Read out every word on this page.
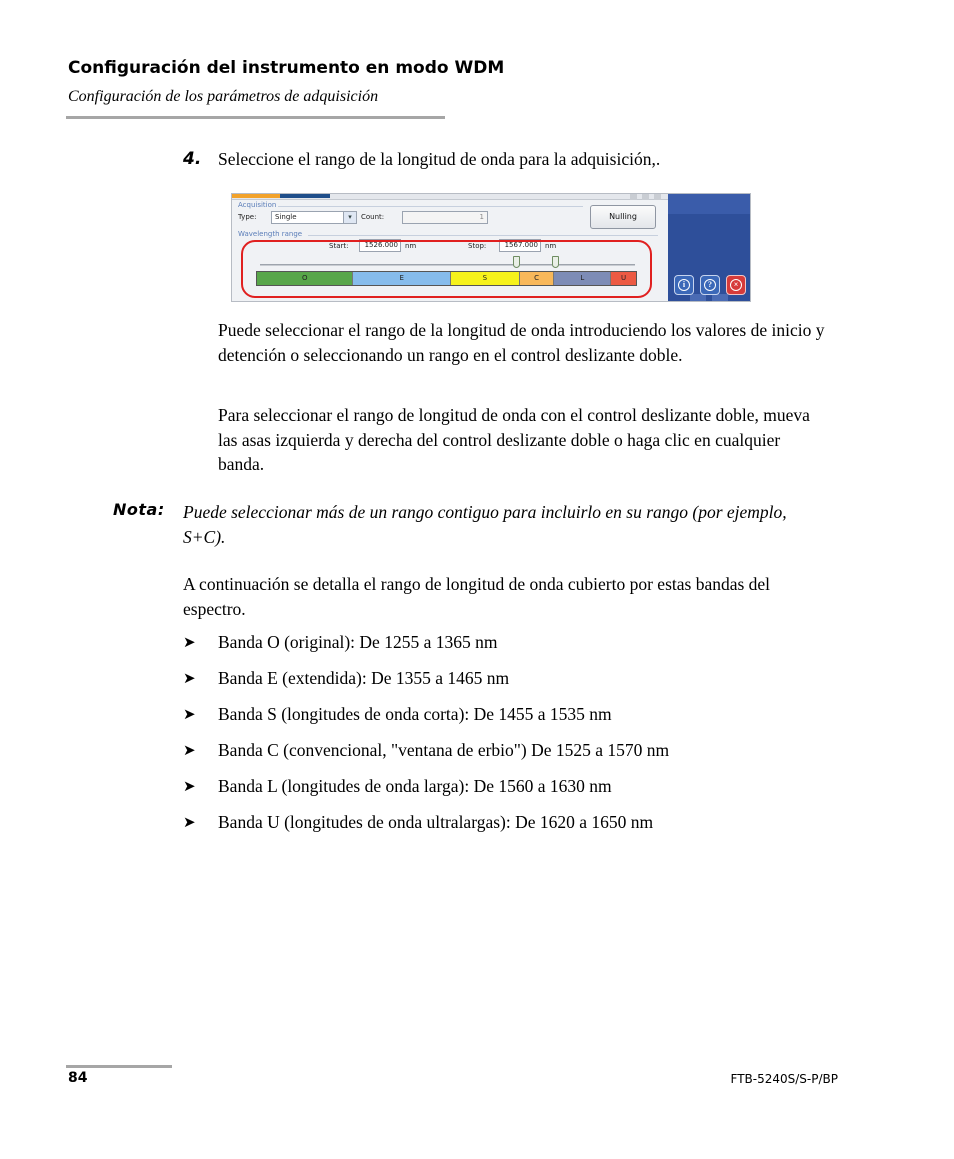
Configuración del instrumento en modo WDM
Configuración de los parámetros de adquisición
4. Seleccione el rango de la longitud de onda para la adquisición,.
Acquisition
Type:	Single	▾	Count:	1	Nulling
Wavelength range
Start:	1526.000	nm	Stop:	1567.000	nm
O	E	S	C	L	U
i	?	×
Puede seleccionar el rango de la longitud de onda introduciendo los valores de inicio y detención o seleccionando un rango en el control deslizante doble.
Para seleccionar el rango de longitud de onda con el control deslizante doble, mueva las asas izquierda y derecha del control deslizante doble o haga clic en cualquier banda.
Nota: Puede seleccionar más de un rango contiguo para incluirlo en su rango (por ejemplo, S+C).
A continuación se detalla el rango de longitud de onda cubierto por estas bandas del espectro.
➤ Banda O (original): De 1255 a 1365 nm
➤ Banda E (extendida): De 1355 a 1465 nm
➤ Banda S (longitudes de onda corta): De 1455 a 1535 nm
➤ Banda C (convencional, "ventana de erbio") De 1525 a 1570 nm
➤ Banda L (longitudes de onda larga): De 1560 a 1630 nm
➤ Banda U (longitudes de onda ultralargas): De 1620 a 1650 nm
84	FTB-5240S/S-P/BP
